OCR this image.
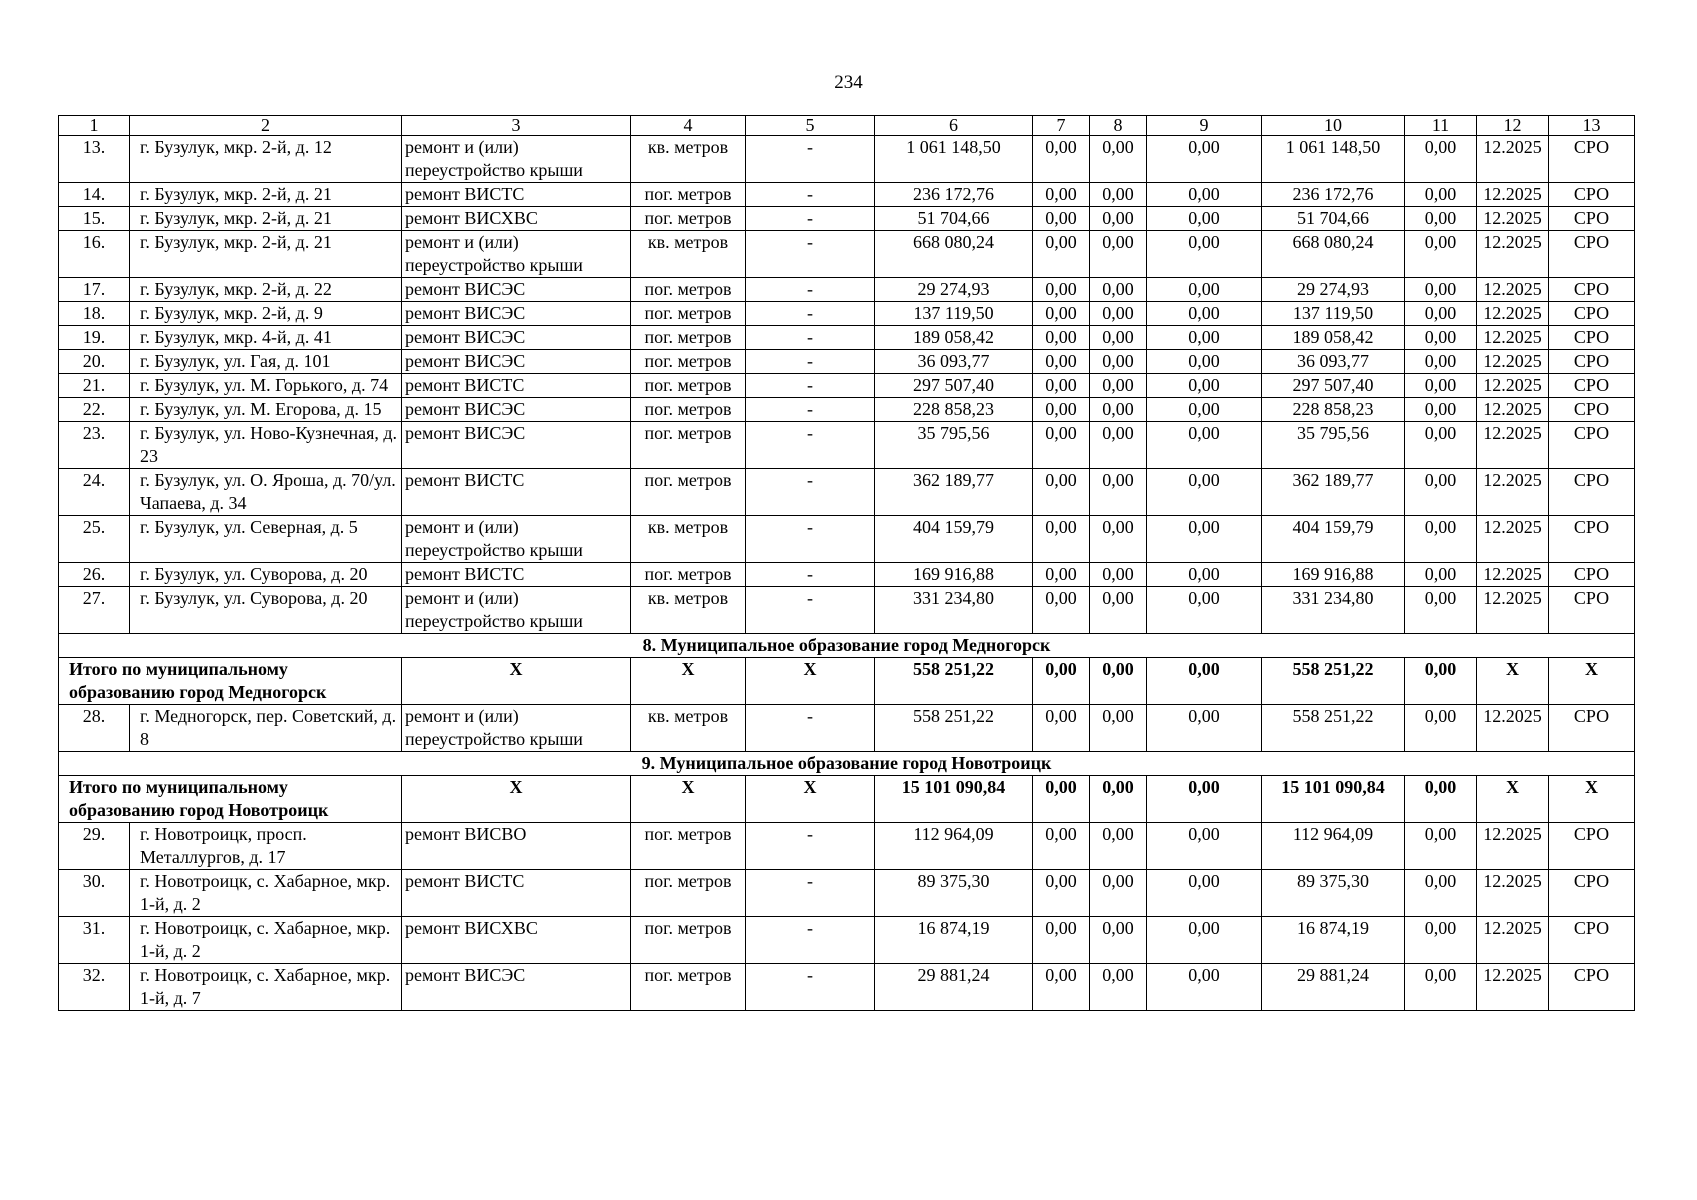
234
1	2	3	4	5	6	7	8	9	10	11	12	13
13.	г. Бузулук, мкр. 2-й, д. 12	ремонт и (или) переустройство крыши	кв. метров	-	1 061 148,50	0,00	0,00	0,00	1 061 148,50	0,00	12.2025	СРО
14.	г. Бузулук, мкр. 2-й, д. 21	ремонт ВИСТС	пог. метров	-	236 172,76	0,00	0,00	0,00	236 172,76	0,00	12.2025	СРО
15.	г. Бузулук, мкр. 2-й, д. 21	ремонт ВИСХВС	пог. метров	-	51 704,66	0,00	0,00	0,00	51 704,66	0,00	12.2025	СРО
16.	г. Бузулук, мкр. 2-й, д. 21	ремонт и (или) переустройство крыши	кв. метров	-	668 080,24	0,00	0,00	0,00	668 080,24	0,00	12.2025	СРО
17.	г. Бузулук, мкр. 2-й, д. 22	ремонт ВИСЭС	пог. метров	-	29 274,93	0,00	0,00	0,00	29 274,93	0,00	12.2025	СРО
18.	г. Бузулук, мкр. 2-й, д. 9	ремонт ВИСЭС	пог. метров	-	137 119,50	0,00	0,00	0,00	137 119,50	0,00	12.2025	СРО
19.	г. Бузулук, мкр. 4-й, д. 41	ремонт ВИСЭС	пог. метров	-	189 058,42	0,00	0,00	0,00	189 058,42	0,00	12.2025	СРО
20.	г. Бузулук, ул. Гая, д. 101	ремонт ВИСЭС	пог. метров	-	36 093,77	0,00	0,00	0,00	36 093,77	0,00	12.2025	СРО
21.	г. Бузулук, ул. М. Горького, д. 74	ремонт ВИСТС	пог. метров	-	297 507,40	0,00	0,00	0,00	297 507,40	0,00	12.2025	СРО
22.	г. Бузулук, ул. М. Егорова, д. 15	ремонт ВИСЭС	пог. метров	-	228 858,23	0,00	0,00	0,00	228 858,23	0,00	12.2025	СРО
23.	г. Бузулук, ул. Ново-Кузнечная, д. 23	ремонт ВИСЭС	пог. метров	-	35 795,56	0,00	0,00	0,00	35 795,56	0,00	12.2025	СРО
24.	г. Бузулук, ул. О. Яроша, д. 70/ул. Чапаева, д. 34	ремонт ВИСТС	пог. метров	-	362 189,77	0,00	0,00	0,00	362 189,77	0,00	12.2025	СРО
25.	г. Бузулук, ул. Северная, д. 5	ремонт и (или) переустройство крыши	кв. метров	-	404 159,79	0,00	0,00	0,00	404 159,79	0,00	12.2025	СРО
26.	г. Бузулук, ул. Суворова, д. 20	ремонт ВИСТС	пог. метров	-	169 916,88	0,00	0,00	0,00	169 916,88	0,00	12.2025	СРО
27.	г. Бузулук, ул. Суворова, д. 20	ремонт и (или) переустройство крыши	кв. метров	-	331 234,80	0,00	0,00	0,00	331 234,80	0,00	12.2025	СРО
8. Муниципальное образование город Медногорск												
Итого по муниципальному образованию город Медногорск		Х	Х	Х	558 251,22	0,00	0,00	0,00	558 251,22	0,00	Х	Х
28.	г. Медногорск, пер. Советский, д. 8	ремонт и (или) переустройство крыши	кв. метров	-	558 251,22	0,00	0,00	0,00	558 251,22	0,00	12.2025	СРО
9. Муниципальное образование город Новотроицк												
Итого по муниципальному образованию город Новотроицк		Х	Х	Х	15 101 090,84	0,00	0,00	0,00	15 101 090,84	0,00	Х	Х
29.	г. Новотроицк, просп. Металлургов, д. 17	ремонт ВИСВО	пог. метров	-	112 964,09	0,00	0,00	0,00	112 964,09	0,00	12.2025	СРО
30.	г. Новотроицк, с. Хабарное, мкр. 1-й, д. 2	ремонт ВИСТС	пог. метров	-	89 375,30	0,00	0,00	0,00	89 375,30	0,00	12.2025	СРО
31.	г. Новотроицк, с. Хабарное, мкр. 1-й, д. 2	ремонт ВИСХВС	пог. метров	-	16 874,19	0,00	0,00	0,00	16 874,19	0,00	12.2025	СРО
32.	г. Новотроицк, с. Хабарное, мкр. 1-й, д. 7	ремонт ВИСЭС	пог. метров	-	29 881,24	0,00	0,00	0,00	29 881,24	0,00	12.2025	СРО
